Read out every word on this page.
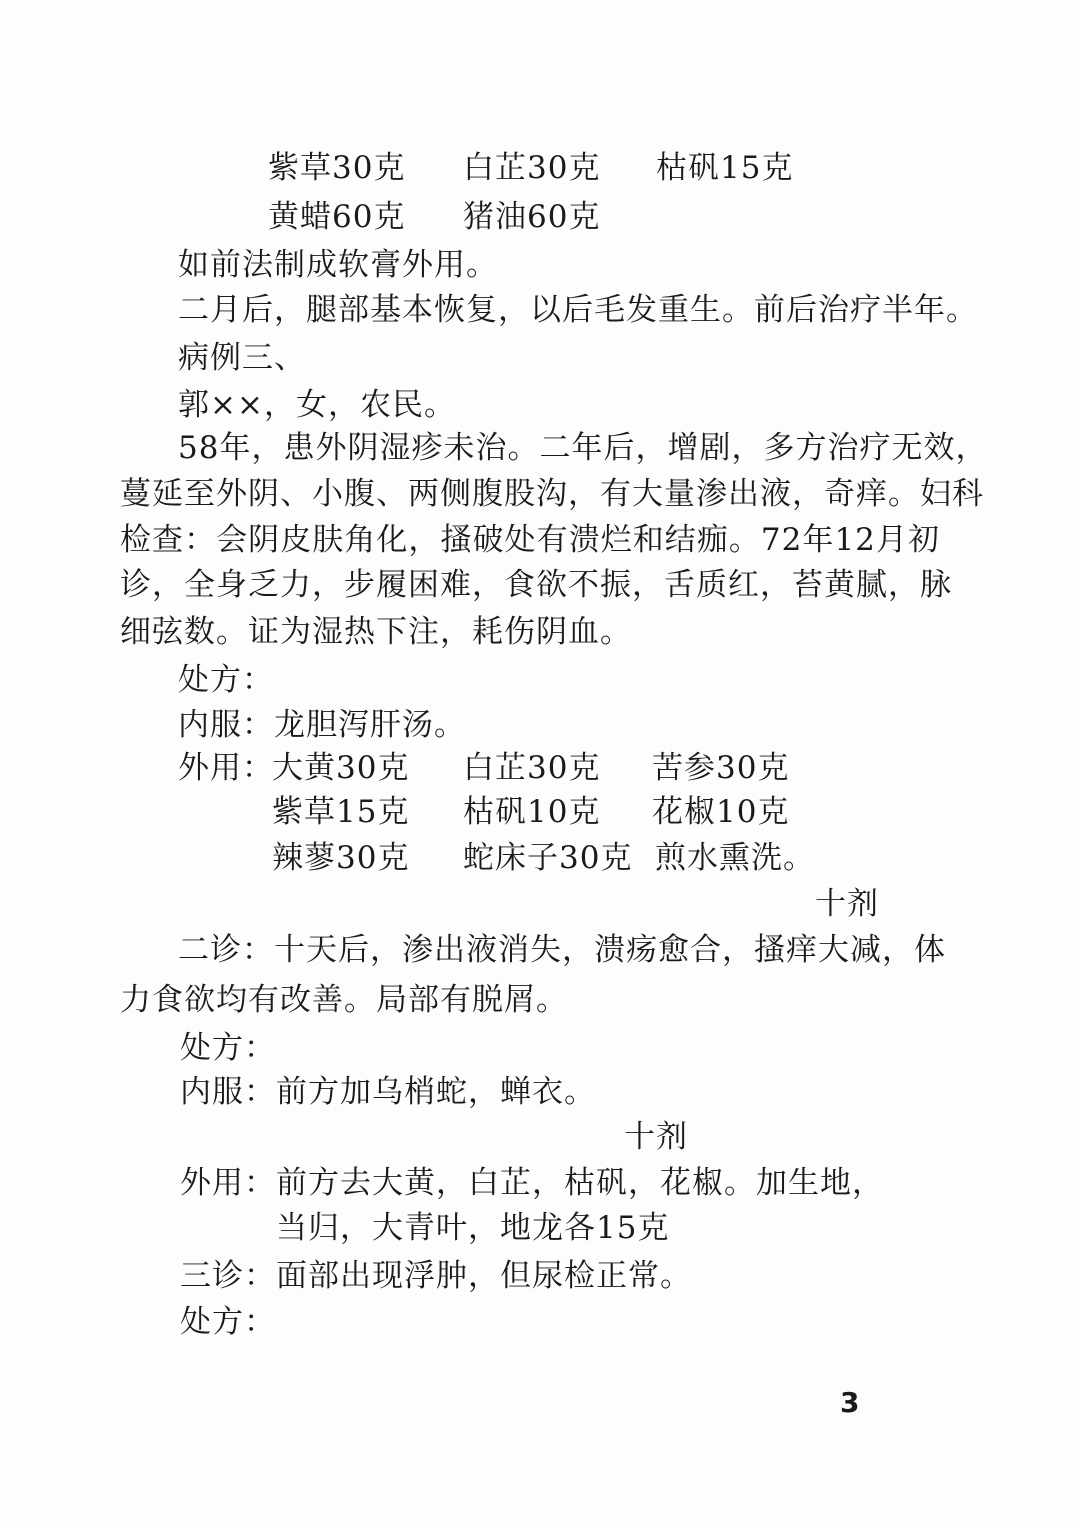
紫草30克 白芷30克 枯矾15克
黄蜡60克 猪油60克
如前法制成软膏外用。
二月后，腿部基本恢复，以后毛发重生。前后治疗半年。
病例三、
郭××，女，农民。
58年，患外阴湿疹未治。二年后，增剧，多方治疗无效，
蔓延至外阴、小腹、两侧腹股沟，有大量渗出液，奇痒。妇科
检查：会阴皮肤角化，搔破处有溃烂和结痂。72年12月初
诊，全身乏力，步履困难，食欲不振，舌质红，苔黄腻，脉
细弦数。证为湿热下注，耗伤阴血。
处方：
内服：龙胆泻肝汤。
外用：
大黄30克 白芷30克 苦参30克
紫草15克 枯矾10克 花椒10克
辣蓼30克 蛇床子30克 煎水熏洗。
十剂
二诊：十天后，渗出液消失，溃疡愈合，搔痒大减，体
力食欲均有改善。局部有脱屑。
处方：
内服：前方加乌梢蛇，蝉衣。
十剂
外用：前方去大黄，白芷，枯矾，花椒。加生地，
当归，大青叶，地龙各15克
三诊：面部出现浮肿，但尿检正常。
处方：
3
